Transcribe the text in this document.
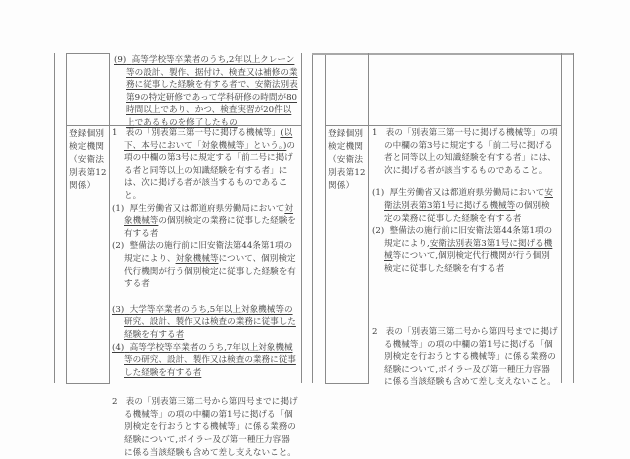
(9) 高等学校等卒業者のうち,2年以上クレーン等の設計、製作、据付け、検査又は補修の業務に従事した経験を有する者で、安衛法別表第9の特定研修であって学科研修の時間が80時間以上であり、かつ、検査実習が20件以上であるものを修了したもの

登録個別検定機関（安衛法別表第12関係）

1 表の「別表第三第一号に掲げる機械等」(以下、本号において「対象機械等」という。)の項の中欄の第3号に規定する「前二号に掲げる者と同等以上の知識経験を有する者」には、次に掲げる者が該当するものであること。

(1) 厚生労働省又は都道府県労働局において対象機械等の個別検定の業務に従事した経験を有する者

(2) 整備法の施行前に旧安衛法第44条第1項の規定により、対象機械等について、個別検定代行機関が行う個別検定に従事した経験を有する者

(3) 大学等卒業者のうち,5年以上対象機械等の研究、設計、製作又は検査の業務に従事した経験を有する者

(4) 高等学校等卒業者のうち,7年以上対象機械等の研究、設計、製作又は検査の業務に従事した経験を有する者

2 表の「別表第三第二号から第四号までに掲げる機械等」の項の中欄の第1号に掲げる「個別検定を行おうとする機械等」に係る業務の経験について,ボイラー及び第一種圧力容器に係る当該経験も含めて差し支えないこと。

登録個別検定機関（安衛法別表第12関係）

1 表の「別表第三第一号に掲げる機械等」の項の中欄の第3号に規定する「前二号に掲げる者と同等以上の知識経験を有する者」には、次に掲げる者が該当するものであること。

(1) 厚生労働省又は都道府県労働局において安衛法別表第3第1号に掲げる機械等の個別検定の業務に従事した経験を有する者

(2) 整備法の施行前に旧安衛法第44条第1項の規定により,安衛法別表第3第1号に掲げる機械等について,個別検定代行機関が行う個別検定に従事した経験を有する者

2 表の「別表第三第二号から第四号までに掲げる機械等」の項の中欄の第1号に掲げる「個別検定を行おうとする機械等」に係る業務の経験について,ボイラー及び第一種圧力容器に係る当該経験も含めて差し支えないこと。
